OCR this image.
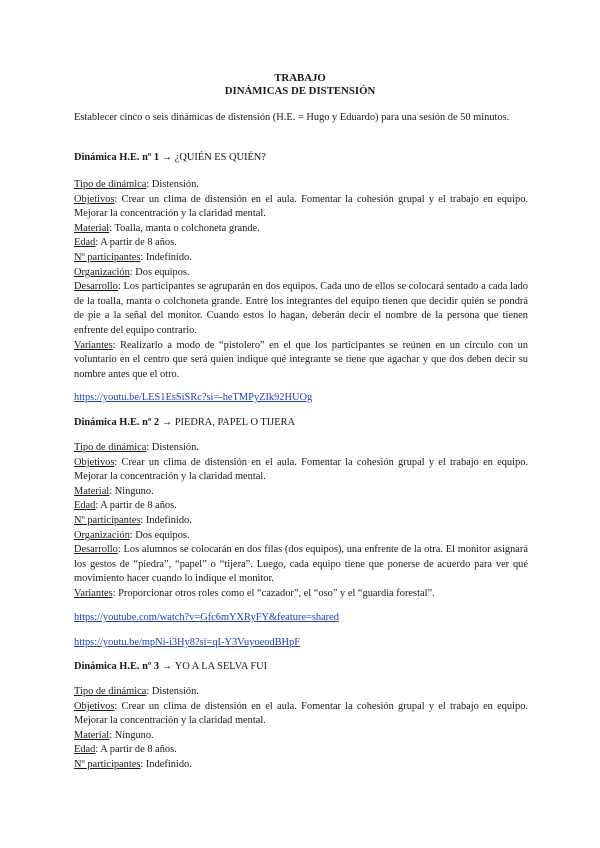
TRABAJO
DINÁMICAS DE DISTENSIÓN

Establecer cinco o seis dinámicas de distensión (H.E. = Hugo y Eduardo) para una sesión de 50 minutos.

Dinámica H.E. nº 1 → ¿QUIÉN ES QUIÉN?

Tipo de dinámica: Distensión.

Objetivos: Crear un clima de distensión en el aula. Fomentar la cohesión grupal y el trabajo en equipo. Mejorar la concentración y la claridad mental.

Material: Toalla, manta o colchoneta grande.

Edad: A partir de 8 años.

Nº participantes: Indefinido.

Organización: Dos equipos.

Desarrollo: Los participantes se agruparán en dos equipos. Cada uno de ellos se colocará sentado a cada lado de la toalla, manta o colchoneta grande. Entre los integrantes del equipo tienen que decidir quién se pondrá de pie a la señal del monitor. Cuando estos lo hagan, deberán decir el nombre de la persona que tienen enfrente del equipo contrario.

Variantes: Realizarlo a modo de “pistolero” en el que los participantes se reúnen en un círculo con un voluntario en el centro que será quien indique qué integrante se tiene que agachar y que dos deben decir su nombre antes que el otro.

https://youtu.be/LES1EsSiSRc?si=-heTMPyZIk92HUOg

Dinámica H.E. nº 2 → PIEDRA, PAPEL O TIJERA

Tipo de dinámica: Distensión.

Objetivos: Crear un clima de distensión en el aula. Fomentar la cohesión grupal y el trabajo en equipo. Mejorar la concentración y la claridad mental.

Material: Ninguno.

Edad: A partir de 8 años.

Nº participantes: Indefinido.

Organización: Dos equipos.

Desarrollo: Los alumnos se colocarán en dos filas (dos equipos), una enfrente de la otra. El monitor asignará los gestos de “piedra”, “papel” o “tijera”. Luego, cada equipo tiene que ponerse de acuerdo para ver qué movimiento hacer cuando lo indique el monitor.

Variantes: Proporcionar otros roles como el “cazador”, el “oso” y el “guardia forestal”.

https://youtube.com/watch?v=Gfc6mYXRyFY&feature=shared
https://youtu.be/mpNi-i3Hy8?si=qI-Y3VuyoeodBHpF

Dinámica H.E. nº 3 → YO A LA SELVA FUI

Tipo de dinámica: Distensión.

Objetivos: Crear un clima de distensión en el aula. Fomentar la cohesión grupal y el trabajo en equipo. Mejorar la concentración y la claridad mental.

Material: Ninguno.

Edad: A partir de 8 años.

Nº participantes: Indefinido.
